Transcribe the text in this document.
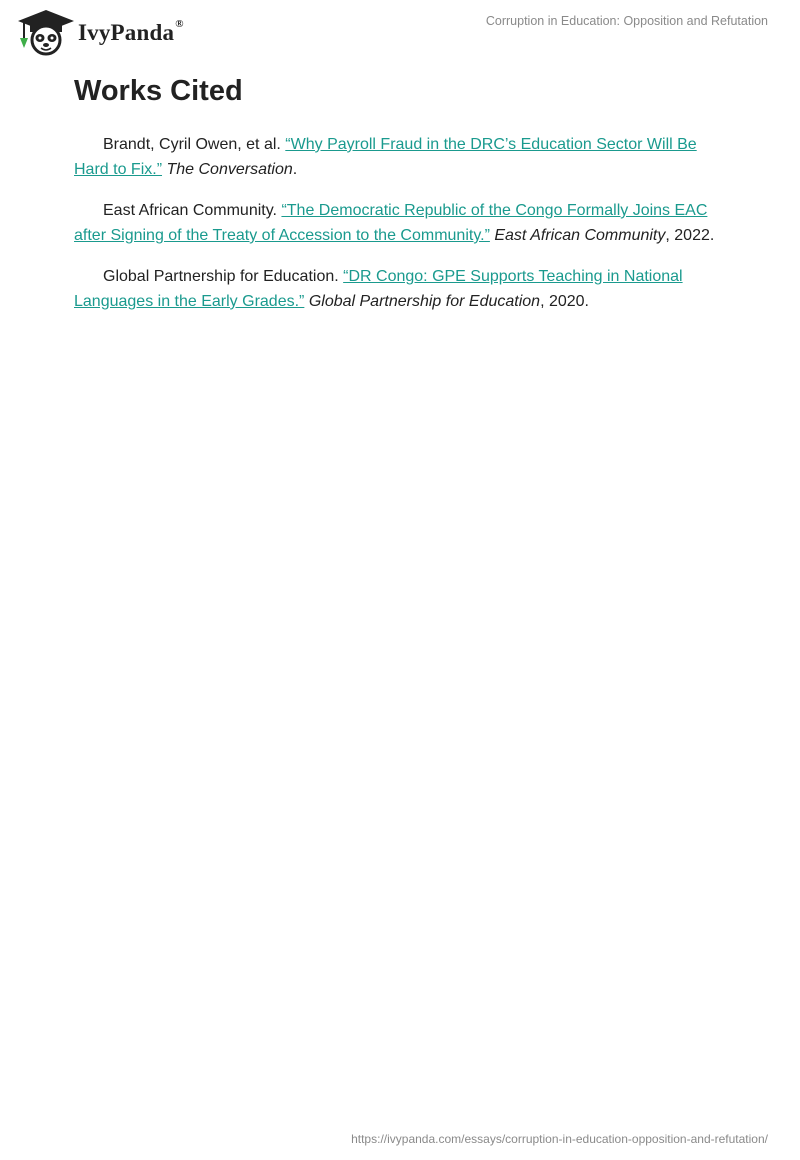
IvyPanda®	Corruption in Education: Opposition and Refutation
Works Cited

Brandt, Cyril Owen, et al. “Why Payroll Fraud in the DRC’s Education Sector Will Be Hard to Fix.” The Conversation.

East African Community. “The Democratic Republic of the Congo Formally Joins EAC after Signing of the Treaty of Accession to the Community.” East African Community, 2022.

Global Partnership for Education. “DR Congo: GPE Supports Teaching in National Languages in the Early Grades.” Global Partnership for Education, 2020.

https://ivypanda.com/essays/corruption-in-education-opposition-and-refutation/
